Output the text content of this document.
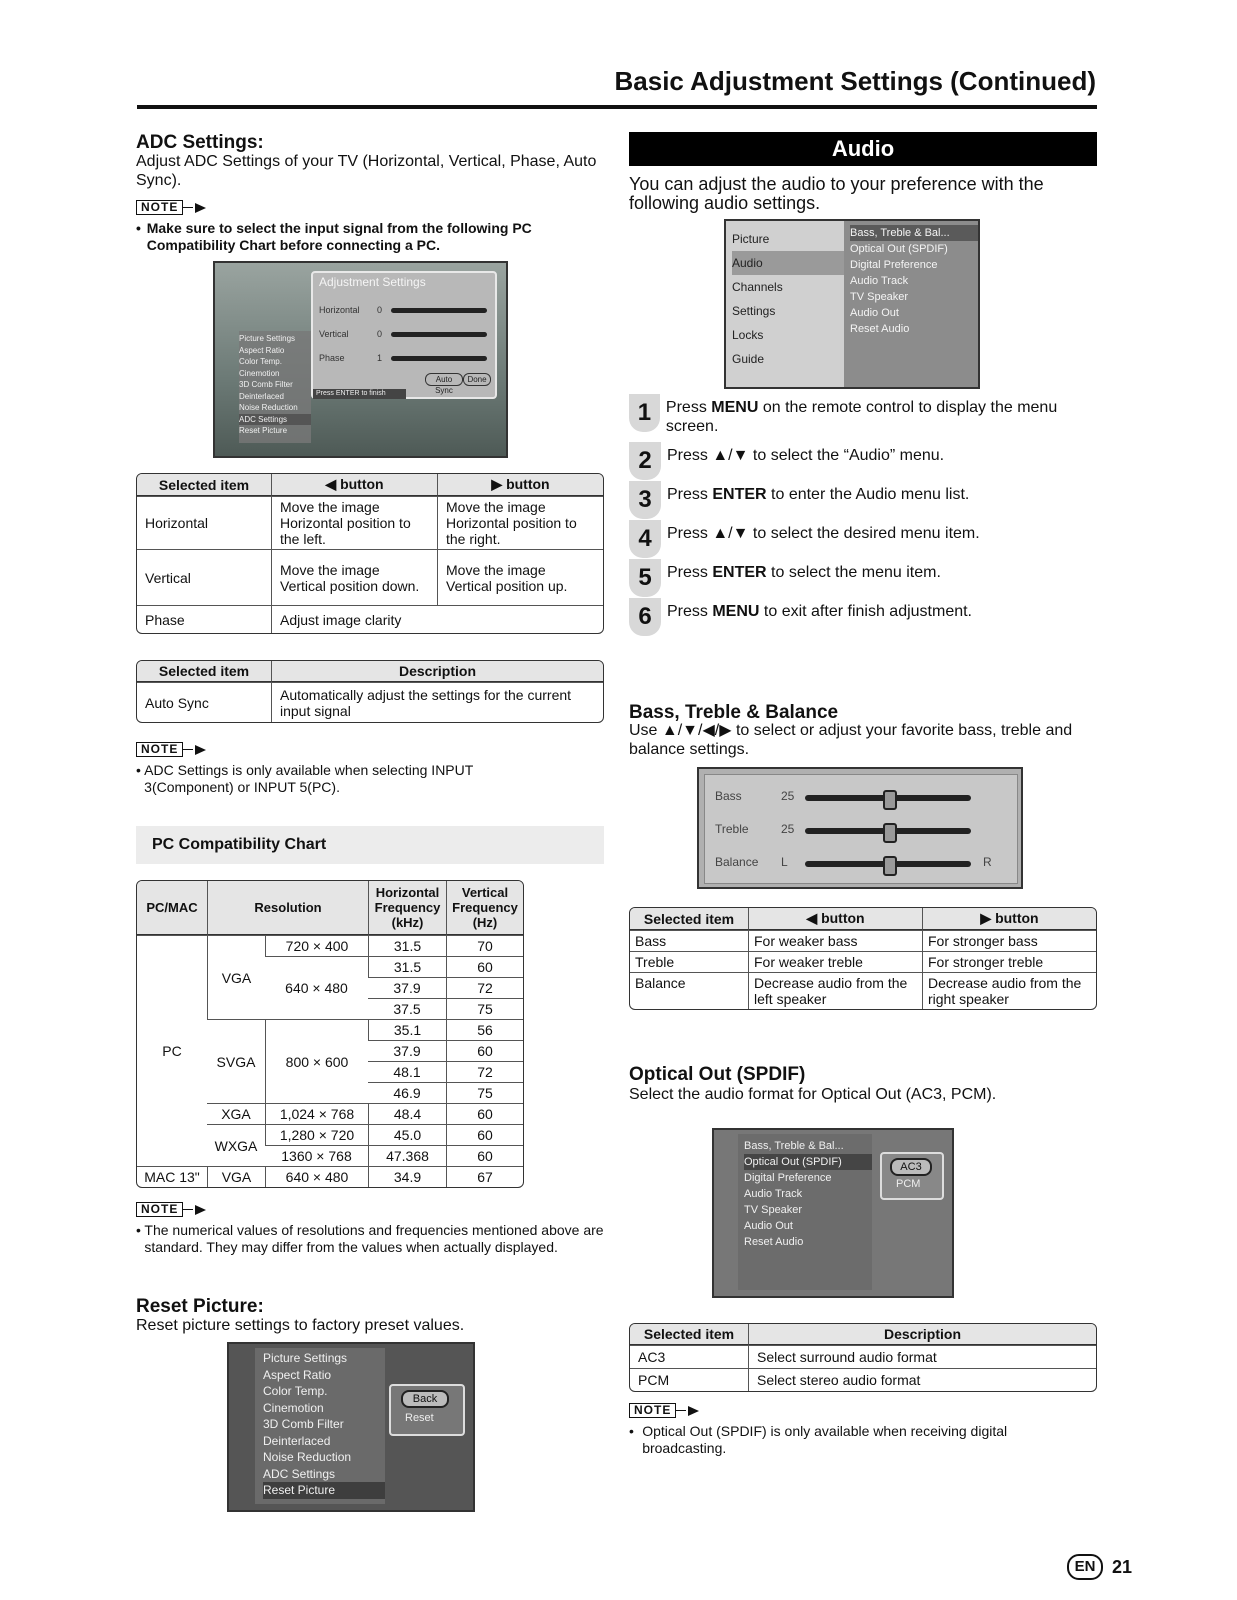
Basic Adjustment Settings (Continued)
ADC Settings:
Adjust ADC Settings of your TV (Horizontal, Vertical, Phase, Auto Sync).
NOTE
• Make sure to select the input signal from the following PC Compatibility Chart before connecting a PC.
Adjustment Settings
Horizontal 0
Vertical	0
Phase	1
Auto Sync
Done
Press ENTER to finish
Picture Settings
Aspect Ratio
Color Temp.
Cinemotion
3D Comb Filter
Deinterlaced
Noise Reduction
ADC Settings
Reset Picture
Selected item	◀ button	▶ button
Horizontal	Move the image Horizontal position to the left.	Move the image Horizontal position to the right.
Vertical	Move the image Vertical position down.	Move the image Vertical position up.
Phase	Adjust image clarity	
Selected item	Description
Auto Sync	Automatically adjust the settings for the current input signal
NOTE
• ADC Settings is only available when selecting INPUT 3(Component) or INPUT 5(PC).
PC Compatibility Chart
PC/MAC	Resolution		Horizontal Frequency (kHz)	Vertical Frequency (Hz)
PC	VGA	720 × 400	31.5	70
		640 × 480	31.5	60
			37.9	72
			37.5	75
	SVGA	800 × 600	35.1	56
			37.9	60
			48.1	72
			46.9	75
	XGA	1,024 × 768	48.4	60
	WXGA	1,280 × 720	45.0	60
		1360 × 768	47.368	60
MAC 13"	VGA	640 × 480	34.9	67
NOTE
• The numerical values of resolutions and frequencies mentioned above are standard. They may differ from the values when actually displayed.
Reset Picture:
Reset picture settings to factory preset values.
Picture Settings
Aspect Ratio
Color Temp.
Cinemotion
3D Comb Filter
Deinterlaced
Noise Reduction
ADC Settings
Reset Picture
Back
Reset
Audio
You can adjust the audio to your preference with the following audio settings.
Picture
Audio
Channels
Settings
Locks
Guide
Bass, Treble & Bal...
Optical Out (SPDIF)
Digital Preference
Audio Track
TV Speaker
Audio Out
Reset Audio
1 Press MENU on the remote control to display the menu screen.
2 Press ▲/▼ to select the “Audio” menu.
3 Press ENTER to enter the Audio menu list.
4 Press ▲/▼ to select the desired menu item.
5 Press ENTER to select the menu item.
6 Press MENU to exit after finish adjustment.
Bass, Treble & Balance
Use ▲/▼/◀/▶ to select or adjust your favorite bass, treble and balance settings.
Bass	25
Treble	25
Balance L	R
Selected item	◀ button	▶ button
Bass	For weaker bass	For stronger bass
Treble	For weaker treble	For stronger treble
Balance	Decrease audio from the left speaker	Decrease audio from the right speaker
Optical Out (SPDIF)
Select the audio format for Optical Out (AC3, PCM).
Bass, Treble & Bal...
Optical Out (SPDIF)
Digital Preference
Audio Track
TV Speaker
Audio Out
Reset Audio
AC3
PCM
Selected item	Description
AC3	Select surround audio format
PCM	Select stereo audio format
NOTE
• Optical Out (SPDIF) is only available when receiving digital broadcasting.
EN 21
